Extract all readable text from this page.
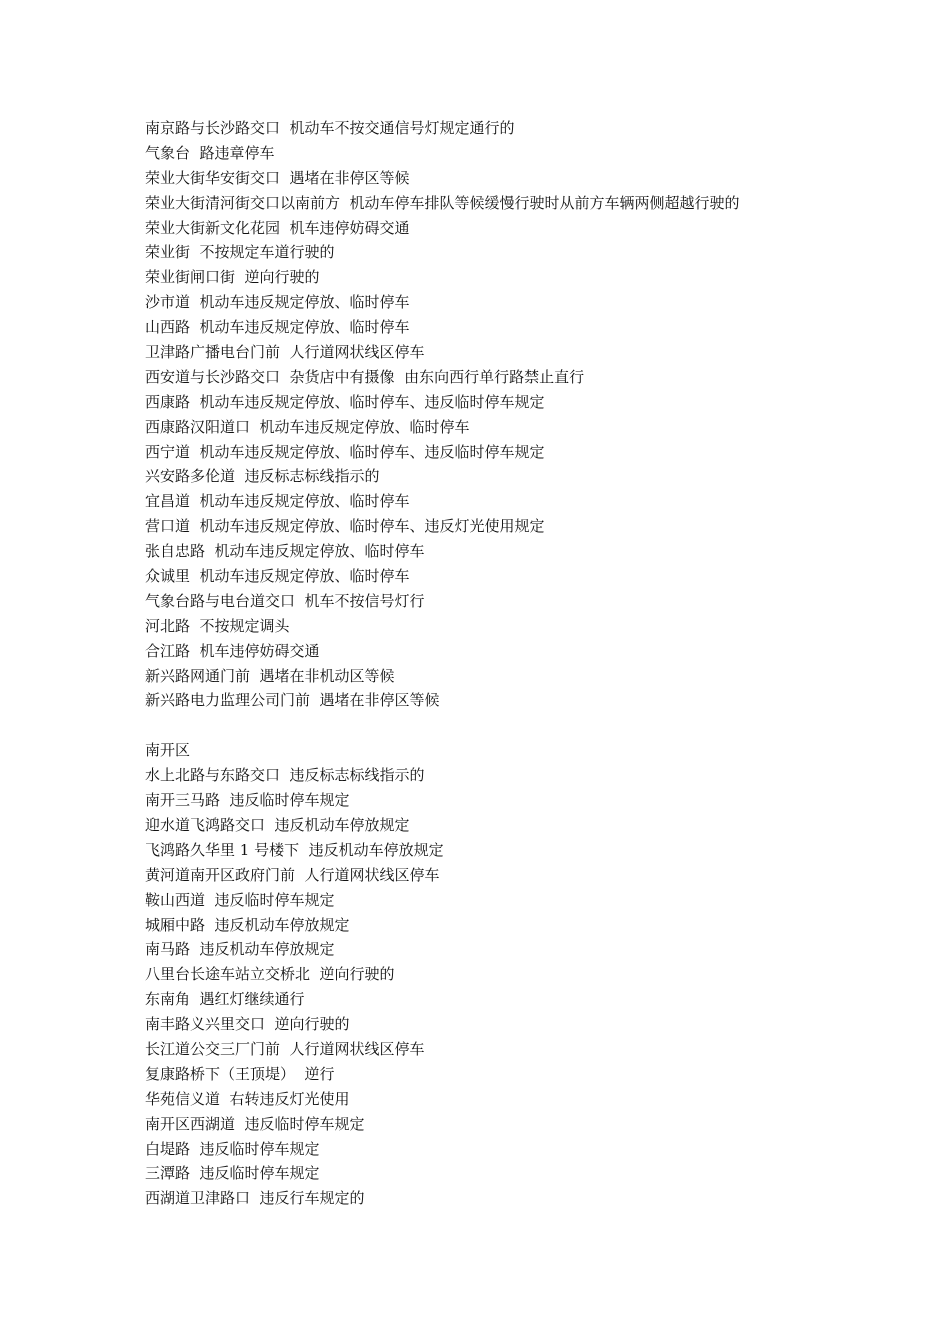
南京路与长沙路交口  机动车不按交通信号灯规定通行的
气象台  路违章停车
荣业大街华安街交口  遇堵在非停区等候
荣业大街清河街交口以南前方  机动车停车排队等候缓慢行驶时从前方车辆两侧超越行驶的
荣业大街新文化花园  机车违停妨碍交通
荣业街  不按规定车道行驶的
荣业街闸口街  逆向行驶的
沙市道  机动车违反规定停放、临时停车
山西路  机动车违反规定停放、临时停车
卫津路广播电台门前  人行道网状线区停车
西安道与长沙路交口  杂货店中有摄像  由东向西行单行路禁止直行
西康路  机动车违反规定停放、临时停车、违反临时停车规定
西康路汉阳道口  机动车违反规定停放、临时停车
西宁道  机动车违反规定停放、临时停车、违反临时停车规定
兴安路多伦道  违反标志标线指示的
宜昌道  机动车违反规定停放、临时停车
营口道  机动车违反规定停放、临时停车、违反灯光使用规定
张自忠路  机动车违反规定停放、临时停车
众诚里  机动车违反规定停放、临时停车
气象台路与电台道交口  机车不按信号灯行
河北路  不按规定调头
合江路  机车违停妨碍交通
新兴路网通门前  遇堵在非机动区等候
新兴路电力监理公司门前  遇堵在非停区等候
南开区
水上北路与东路交口  违反标志标线指示的
南开三马路  违反临时停车规定
迎水道飞鸿路交口  违反机动车停放规定
飞鸿路久华里 1 号楼下  违反机动车停放规定
黄河道南开区政府门前  人行道网状线区停车
鞍山西道  违反临时停车规定
城厢中路  违反机动车停放规定
南马路  违反机动车停放规定
八里台长途车站立交桥北  逆向行驶的
东南角  遇红灯继续通行
南丰路义兴里交口  逆向行驶的
长江道公交三厂门前  人行道网状线区停车
复康路桥下（王顶堤）  逆行
华苑信义道  右转违反灯光使用
南开区西湖道  违反临时停车规定
白堤路  违反临时停车规定
三潭路  违反临时停车规定
西湖道卫津路口  违反行车规定的
